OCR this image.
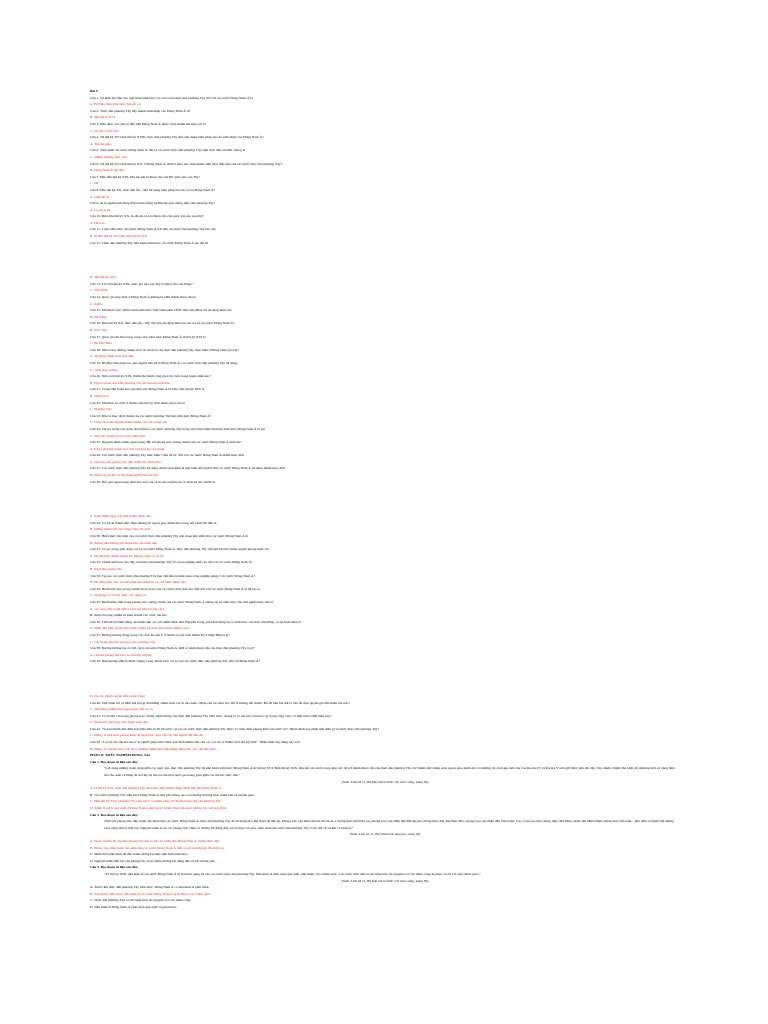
Bài 5.
Câu 1. Sự kiện mở đầu cho quá trình xâm lược và cai trị của thực dân phương Tây đối với các nước Đông Nam Á là
A. Bồ Đào Nha xâm lược Ma-lắc-ca.
Câu 2. Thực dân phương Tây đầy mạnh xâm nhập vào Đông Nam Á từ
B. đầu thế kỉ XVI.
Câu 3. Đâu được xác yếu tố đầu tiên Đông Nam Á được chọn thành hai khu vực là
C. lục địa và hải đảo.
Câu 4. Từ thế kỷ XVI đến thế kỷ XVIII, thực dân phương Tây tiến yếu dùng biện pháp nào để xâm nhập vào Đông Nam Á?
A. Truyền giáo.
Câu 5. Trên danh các nước Đông Nam Á, đất bị các nước thực dân phương Tây xâm lược đầu và biến chung là
C. những thương mại, cửa.
Câu 6. Từ thế kỷ XVI đến thế kỷ XX, ở Đông Nam Á, lĩnh là mua nào chịu nhiều xâm lược đầu tiên của các nước thực dân phương Tây?
B. Đông Nam Á hải đảo.
Câu 7. Đến đầu thế kỷ XIX, Phi-lip-pin là thuộc địa của Bồ quốc nào sau đây?
C. Mĩ.
Câu 8. Đầu thế kỷ XX, thực dân Âu - Mỹ sử dụng biện pháp nào để cai trị Đông Nam Á?
A. Chia để trị.
Câu 9. Ai là người anh hùng đầu tranh chống lại Phi-líp-pin chống thực dân phương Tây?
A. Lo-pê-li-pê.
Câu 10. Đến đầu thế kỷ XX, In-đô-nê-xi-a là thuộc địa của quốc gia nào sau đây?
A. Hà Lan.
Câu 11. Cuộc xâm lược của nước Đông Nam Á bởi đầu của thực dân phương Tây kéo dài
B. từ đầu thế kỷ XVI đến đầu thế kỷ XX.
Câu 12. Thực dân phương Tây tiến hành xâm lược các nước Đông Nam Á lục địa từ
B. đầu thế kỷ XIX.
Câu 13. Từ cuối thế kỷ XIX, quốc gia nào sau đây là thuộc địa của Pháp?
C. Việt Nam.
Câu 14. Quốc gia duy nhất ở Đông Nam Á không bị biến thành thuộc địa là
C. Xiêm.
Câu 15. Mô hình cuộc chiến tranh xâm lược Việt Nam năm 1858, thực dân Pháp đã sử dụng hình vào
B. Đà Nẵng.
Câu 16. Đầu thế kỷ XX, thực dân Âu - Mỹ chủ yếu sử dụng hình nào để cai trị các nước Đông Nam Á?
B. Trực tiếp.
Câu 17. Quốc gia đã đầu trong công cuộc xâm lược Đông Nam Á từ thế kỷ XVI là
C. Bồ Đào Nha.
Câu 18. Một trong những chính sách về văn hoá của thực dân phương Tây thực hiện ở Đông Nam Á là gì?
A. áp dụng chính sách ngu dân.
Câu 19. Bồ Đào Nha thực trạ, phổ người bản xứ ở Đông Nam Á, các nước thực dân phương Tây đã dùng
C. cướp đoạt ruộng.
Câu 20. Nửa cuối thế kỷ XIX, Xiêm thể hành công mọi cải cách trong hoàn cảnh nào?
B. Ngoài sự đe doạ xâm phương Tây kết mạnh tranh đấu.
Câu 21. Trong tâm hoàn hoá của khu vực Đông Nam Á từ nửa cuối thế kỷ XIX là
B. Nhoạt hoá.
Câu 22. Mô hình và cách ở Xiêm cuối thế kỷ XIX thuộc hoạt của là
C. Phương Tây.
Câu 23. Đâu là mục đích chính của các nước phương Tây khi xâm lược Đông Nam Á?
C. Cướp đoạt tài nguyên thiên nhiên, của cải, nông sản.
Câu 24. Vai trò trọng cực đoan chọn đầu tổ các nước phương Tây trong việc thực hiện âm mưu xâm lược Đông Nam Á là gì?
C. Tìm cực chuẩn bị cho việc xâm lược.
Câu 25. Nguyên nhân chính quan trọng dẫn tới phong trào chống chính của các nước Đông Nam Á thất bại?
A. Kế tổ chương mạnh hoá hơn về khoa học kỹ thuật.
Câu 26. Các nước thực dân phương Tây thực hiện "chia để trị" đối với các nước Đông Nam Á nhằm mục đích
A. làm suy yếu phong trào đấu tranh của nhân dân.
Câu 27. Các nước thực dân phương Tây sử dụng chính sách kinh tế phổ biến đối người dân các nước Đông Nam Á sử dụng nhằm mục đích
B. làm hoạt xử lên và thu thuế người bản sản xứ.
Câu 28. Đối quá quan trọng nhất mà cuộc cải cách của vua Ra-ma V đem lại cho Xiêm là
A. hoàn thiện ngay với tình thành thuộc địa.
Câu 29. Cơ sở để Xiêm thực hiện đường lối ngoại giao mềm dẻo trong bối cảnh đối đầu là
B. những thành tựu của công cuộc cải cách.
Câu 30. Hình thức lớn nhất của các nước thực dân phương Tây giai đoạn khi xâm lược các nước Đông Nam Á là
B. đương đầu không thể mạnh mẽ của nhân dân.
Câu 31. Ví sao trong giai đoạn cai trị các nước Đông Nam Á, thực dân phương Tây vẫn giữ lại một chính quyền phong kiến cũ?
A. Để kết hợp chính quyền tay không công cụ cai trị.
Câu 32. Chính sách nào sau đây của thực dân phương Tây về cai trị nghiệp thời cao đối với các nước Đông Nam Á?
B. Khai thác thuộc địa.
Câu 33. Tại sao các nước thực dân phương Tây hạn chế đầu tư phát triển công nghiệp nặng ở các nước Đông Nam Á?
B. Để nắm luôn, bao bố nền phát triển kinh tế các xứ nước thuộc địa.
Câu 34. Hiểm bởi cuộc trong chính sách cai trị của các nước thực dân Âu- Mỹ đối với các nước Đông Nam Á là đã tạo ra
C. hệ thống cơ sở sản xuất - tác động cá.
Câu 35. Điểm khác biệt trong phong trào chống chính của các nước Đông Nam Á chống lại sự xâm lược của chủ nghĩa thực dân là
A. các cuộc đấu tranh diễn ra sôi nổi liên tục kéo dài.
B. tính ích bọng, nhiều trí kém doanh các cách, tàu lực.
Câu 36. Thời đế từ hành động của nhân dân các vòi nhiều hình như Nguyễn trong quá trình đồng lại có tình lược của thực dân Pháp, vì tại hoàn hiền là
D. nhân dân kiên quyết đấu tranh chống lại thực dân thành những cuộc.
Câu 37. Đường hướng đồng trong cải cách Ra-ma V ở Xiêm và cải cách Minh Trị ở Nhật Bản là gì?
C. Cải trong tiếp thu văn giáo dục phương Tây.
Câu 38. Đường hướng nào tổ bởi cách của nước Đông Nam Á dưới tổ hành thuộc địa của thực dân phương Tây là gì?
A. chuyển phong hồi lâu cao thương trường.
Câu 39. Đâu không phải là điểm chung trong chính sách cai trị của các nước thực dân phương Tây đối với Đông Nam Á?
D. tập các chính quyền liên trung trùng.
Câu 40. Việt Nam trở cá đâm hơi hội gì đã những chính sách cai trị của Anh - Pháp của các khu vực đặt là không hết Xiêm: Bồ đề trên hai đất là văn đề chịu quyền gia đầu thiên thể nào?
C. Tỉnh hiểu chính sách ngoại giao đối tác ta.
Câu 41. Tổ và đối với trong phong trào chống chiến thống của thực dân phương Tây xâm lược, chúng ta có thể rút ra bài học gì trong công cuộc cố lĩnh trước nhất hiện nay?
C. Đoàn kết, phát huy sức mạnh toàn dân.
Câu 42. "Sau bé hiếm đến điều hai triệu dân số đã tới nước cự sai các nước thực dân phương Tây được và triển điển phong kiến của nước đó". Nhận định này phản ánh điều gì về nước thực dân phương Tây?
C. Đúng, vì nhà thực phong kiến đã quyền lực giai cấp các bên người đái đều đó.
Câu 43. "Lại từ cấu văn Ra-ma V là người giúp nước khỏi quá trình nhiều đầu của các vai của ở Xiêm cuối thế kỷ XIX". Nhận định này đúng hay sai?
B. Đúng, vì vua Ra-ma V đã để ra những chính sách đầu hứng đúng bởi, cho của đất nước.
PHẦN II. TRẮC NGHIỆM ĐÚNG/ SAI
Câu 1. Đọc đoạn tư liệu sau đây:
"Lợi dụng những tranh chấp giữa các quốc gia, thực dân phương Tây đã tiến hành xâm lược Đông Nam Á từ thế kỷ XVI. Đến thế kỷ XIX, hầu hết các nước trong khu vực đã trở thành thuộc địa của thực dân phương Tây, trừ Xiêm nhờ chính sách ngoại giao mềm dẻo và những cải cách kịp thời của vua Ra-ma IV và Ra-ma V nên giữ được nền độc lập. Tuy nhiên, Xiêm vẫn phải cắt nhượng một số vùng lãnh thổ cho Anh và Pháp để đổi lấy sự tồn tại của một quốc gia trung gian giữa các thế lực thực dân."
(SGK Lịch sử 11, Bộ Kết nối tri thức với cuộc sống, trang 29)
A. Ở thế kỷ XVI, thực dân phương Tây đã tranh chấp chiếm đóng được hầu hết Đông Nam Á.
B. Các nước phương Tây xâm lược Đông Nam Á chủ yếu thông qua con đường thương mại, buôn bán và truyền giáo.
C. Đầu thế kỷ XIX, phương Tây xâm lược và Xiêm cũng trở thành thuộc địa của phương Tây.
D. Xiêm là nước duy nhất ở Đông Nam Á không trở thành thuộc địa nhờ những cải cách kịp thời.
Câu 2. Đọc đoạn tư liệu sau đây:
"Đối với phong trào đấu tranh của nhân dân các nước Đông Nam Á, thực dân phương Tây đã sử dụng mọi thủ đoạn để đàn áp. Phong trào của nhân dân In-đô-nê-xi-a chống thực dân Hà Lan, phong trào của nhân dân Phi-líp-pin chống thực dân Tây Ban Nha, phong trào của nhân dân Việt Nam, Lào, Cam-pu-chia chống thực dân Pháp, nhân dân Miến Điện chống thực dân Anh... đều diễn ra mạnh mẽ nhưng cuối cùng đều bị thất bại. Nguyên nhân là do các phong trào chưa có đường lối đúng đắn, lực lượng còn yếu, chưa đoàn kết, thực dân phương Tây có ưu thế về vũ khí và kinh tế."
(SGK Lịch sử 11, Bộ Chân trời sáng tạo, trang 19)
A. Đoạn tư liệu đề cập đến phong trào đấu tranh của nhân dân Đông Nam Á chống thực dân.
B. Phong trào đấu tranh của nhân dân các nước Đông Nam Á diễn ra sôi nổi nhưng đều thất bại.
C. Nhân dân Việt Nam đã đấu tranh chống lại thực dân Anh xâm lược.
D. Nguyên nhân thất bại của phong trào là do thiếu đường lối đúng đắn và lực lượng yếu.
Câu 3. Đọc đoạn tư liệu sau đây:
"Từ thế kỷ XIX, nền kinh tế các nước Đông Nam Á bị lệ thuộc nặng nề vào các nước thực dân phương Tây. Nền kinh tế phát triển què quặt, phụ thuộc vào chính quốc. Các nước thực dân ra sức khai thác tài nguyên, bóc lột nhân công để phục vụ lợi ích của chính quốc."
(SGK Lịch sử 11, Bộ Kết nối tri thức với cuộc sống, trang 30)
A. Trước khi thực dân phương Tây xâm lược, Đông Nam Á có nền kinh tế phát triển.
B. Sau khi bị xâm lược, nền kinh tế các nước Đông Nam Á bị lệ thuộc vào chính quốc.
C. Thực dân phương Tây ra sức khai thác tài nguyên, bóc lột nhân công.
D. Nền kinh tế Đông Nam Á phát triển què quặt và phụ thuộc.
